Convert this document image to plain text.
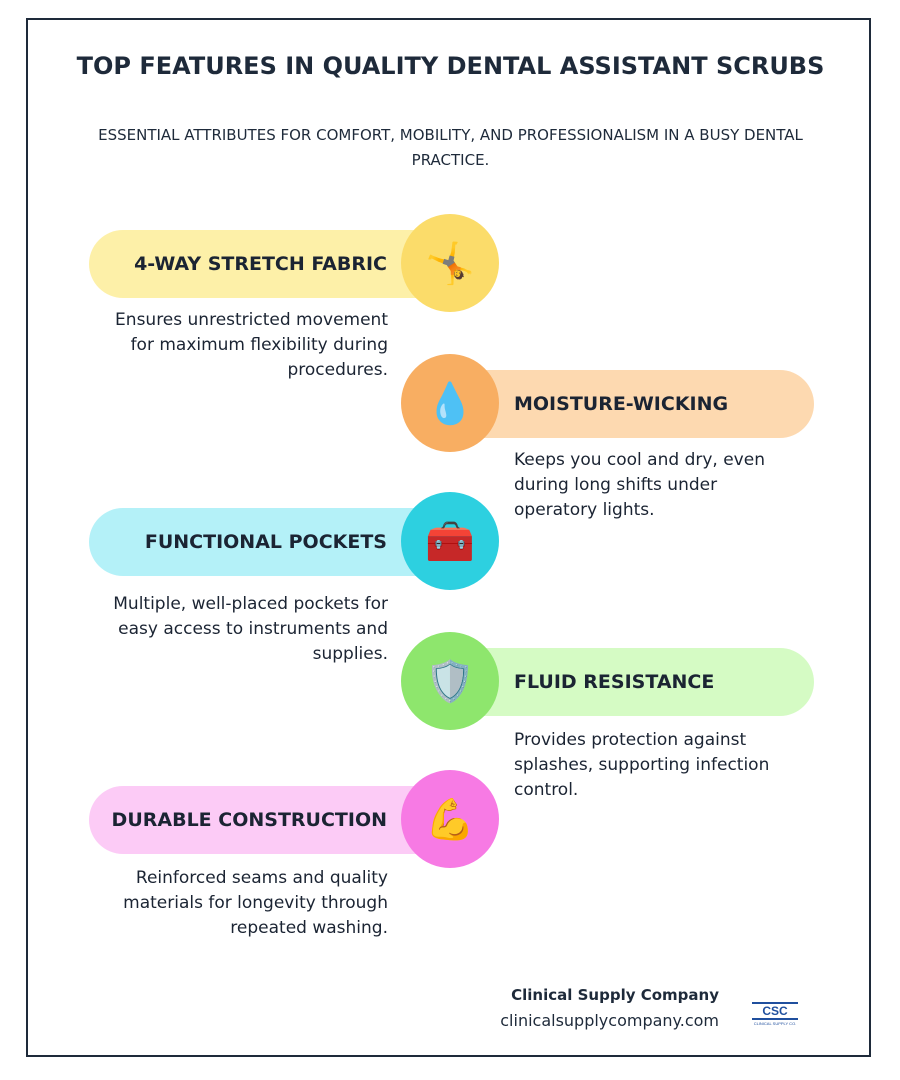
TOP FEATURES IN QUALITY DENTAL ASSISTANT SCRUBS
ESSENTIAL ATTRIBUTES FOR COMFORT, MOBILITY, AND PROFESSIONALISM IN A BUSY DENTAL PRACTICE.
4-WAY STRETCH FABRIC 🤸
Ensures unrestricted movement for maximum flexibility during procedures.
MOISTURE-WICKING
💧
Keeps you cool and dry, even during long shifts under operatory lights.
FUNCTIONAL POCKETS 🧰
Multiple, well-placed pockets for easy access to instruments and supplies.
FLUID RESISTANCE
🛡️
Provides protection against splashes, supporting infection control.
DURABLE CONSTRUCTION 💪
Reinforced seams and quality materials for longevity through repeated washing.
Clinical Supply Company
clinicalsupplycompany.com	CSC
CLINICAL SUPPLY CO.
